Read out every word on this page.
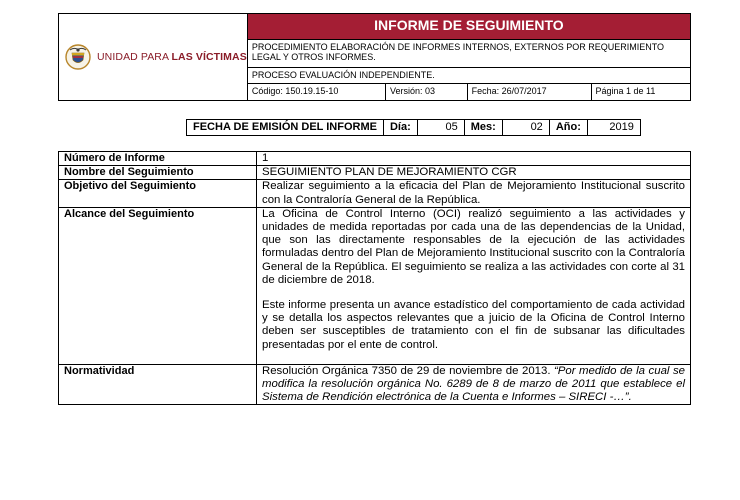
UNIDAD PARA LAS VÍCTIMAS	INFORME DE SEGUIMIENTO			
	PROCEDIMIENTO ELABORACIÓN DE INFORMES INTERNOS, EXTERNOS POR REQUERIMIENTO LEGAL Y OTROS INFORMES.			
	PROCESO EVALUACIÓN INDEPENDIENTE.			
	Código: 150.19.15-10	Versión: 03	Fecha: 26/07/2017	Página 1 de 11
FECHA DE EMISIÓN DEL INFORME	Día:	05	Mes:	02	Año:	2019
Número de Informe	1
Nombre del Seguimiento	SEGUIMIENTO PLAN DE MEJORAMIENTO CGR
Objetivo del Seguimiento	Realizar seguimiento a la eficacia del Plan de Mejoramiento Institucional suscrito con la Contraloría General de la República.
Alcance del Seguimiento	La Oficina de Control Interno (OCI) realizó seguimiento a las actividades y unidades de medida reportadas por cada una de las dependencias de la Unidad, que son las directamente responsables de la ejecución de las actividades formuladas dentro del Plan de Mejoramiento Institucional suscrito con la Contraloría General de la República. El seguimiento se realiza a las actividades con corte al 31 de diciembre de 2018.

Este informe presenta un avance estadístico del comportamiento de cada actividad y se detalla los aspectos relevantes que a juicio de la Oficina de Control Interno deben ser susceptibles de tratamiento con el fin de subsanar las dificultades presentadas por el ente de control.

Normatividad	Resolución Orgánica 7350 de 29 de noviembre de 2013. “Por medido de la cual se modifica la resolución orgánica No. 6289 de 8 de marzo de 2011 que establece el Sistema de Rendición electrónica de la Cuenta e Informes – SIRECI -…”.
